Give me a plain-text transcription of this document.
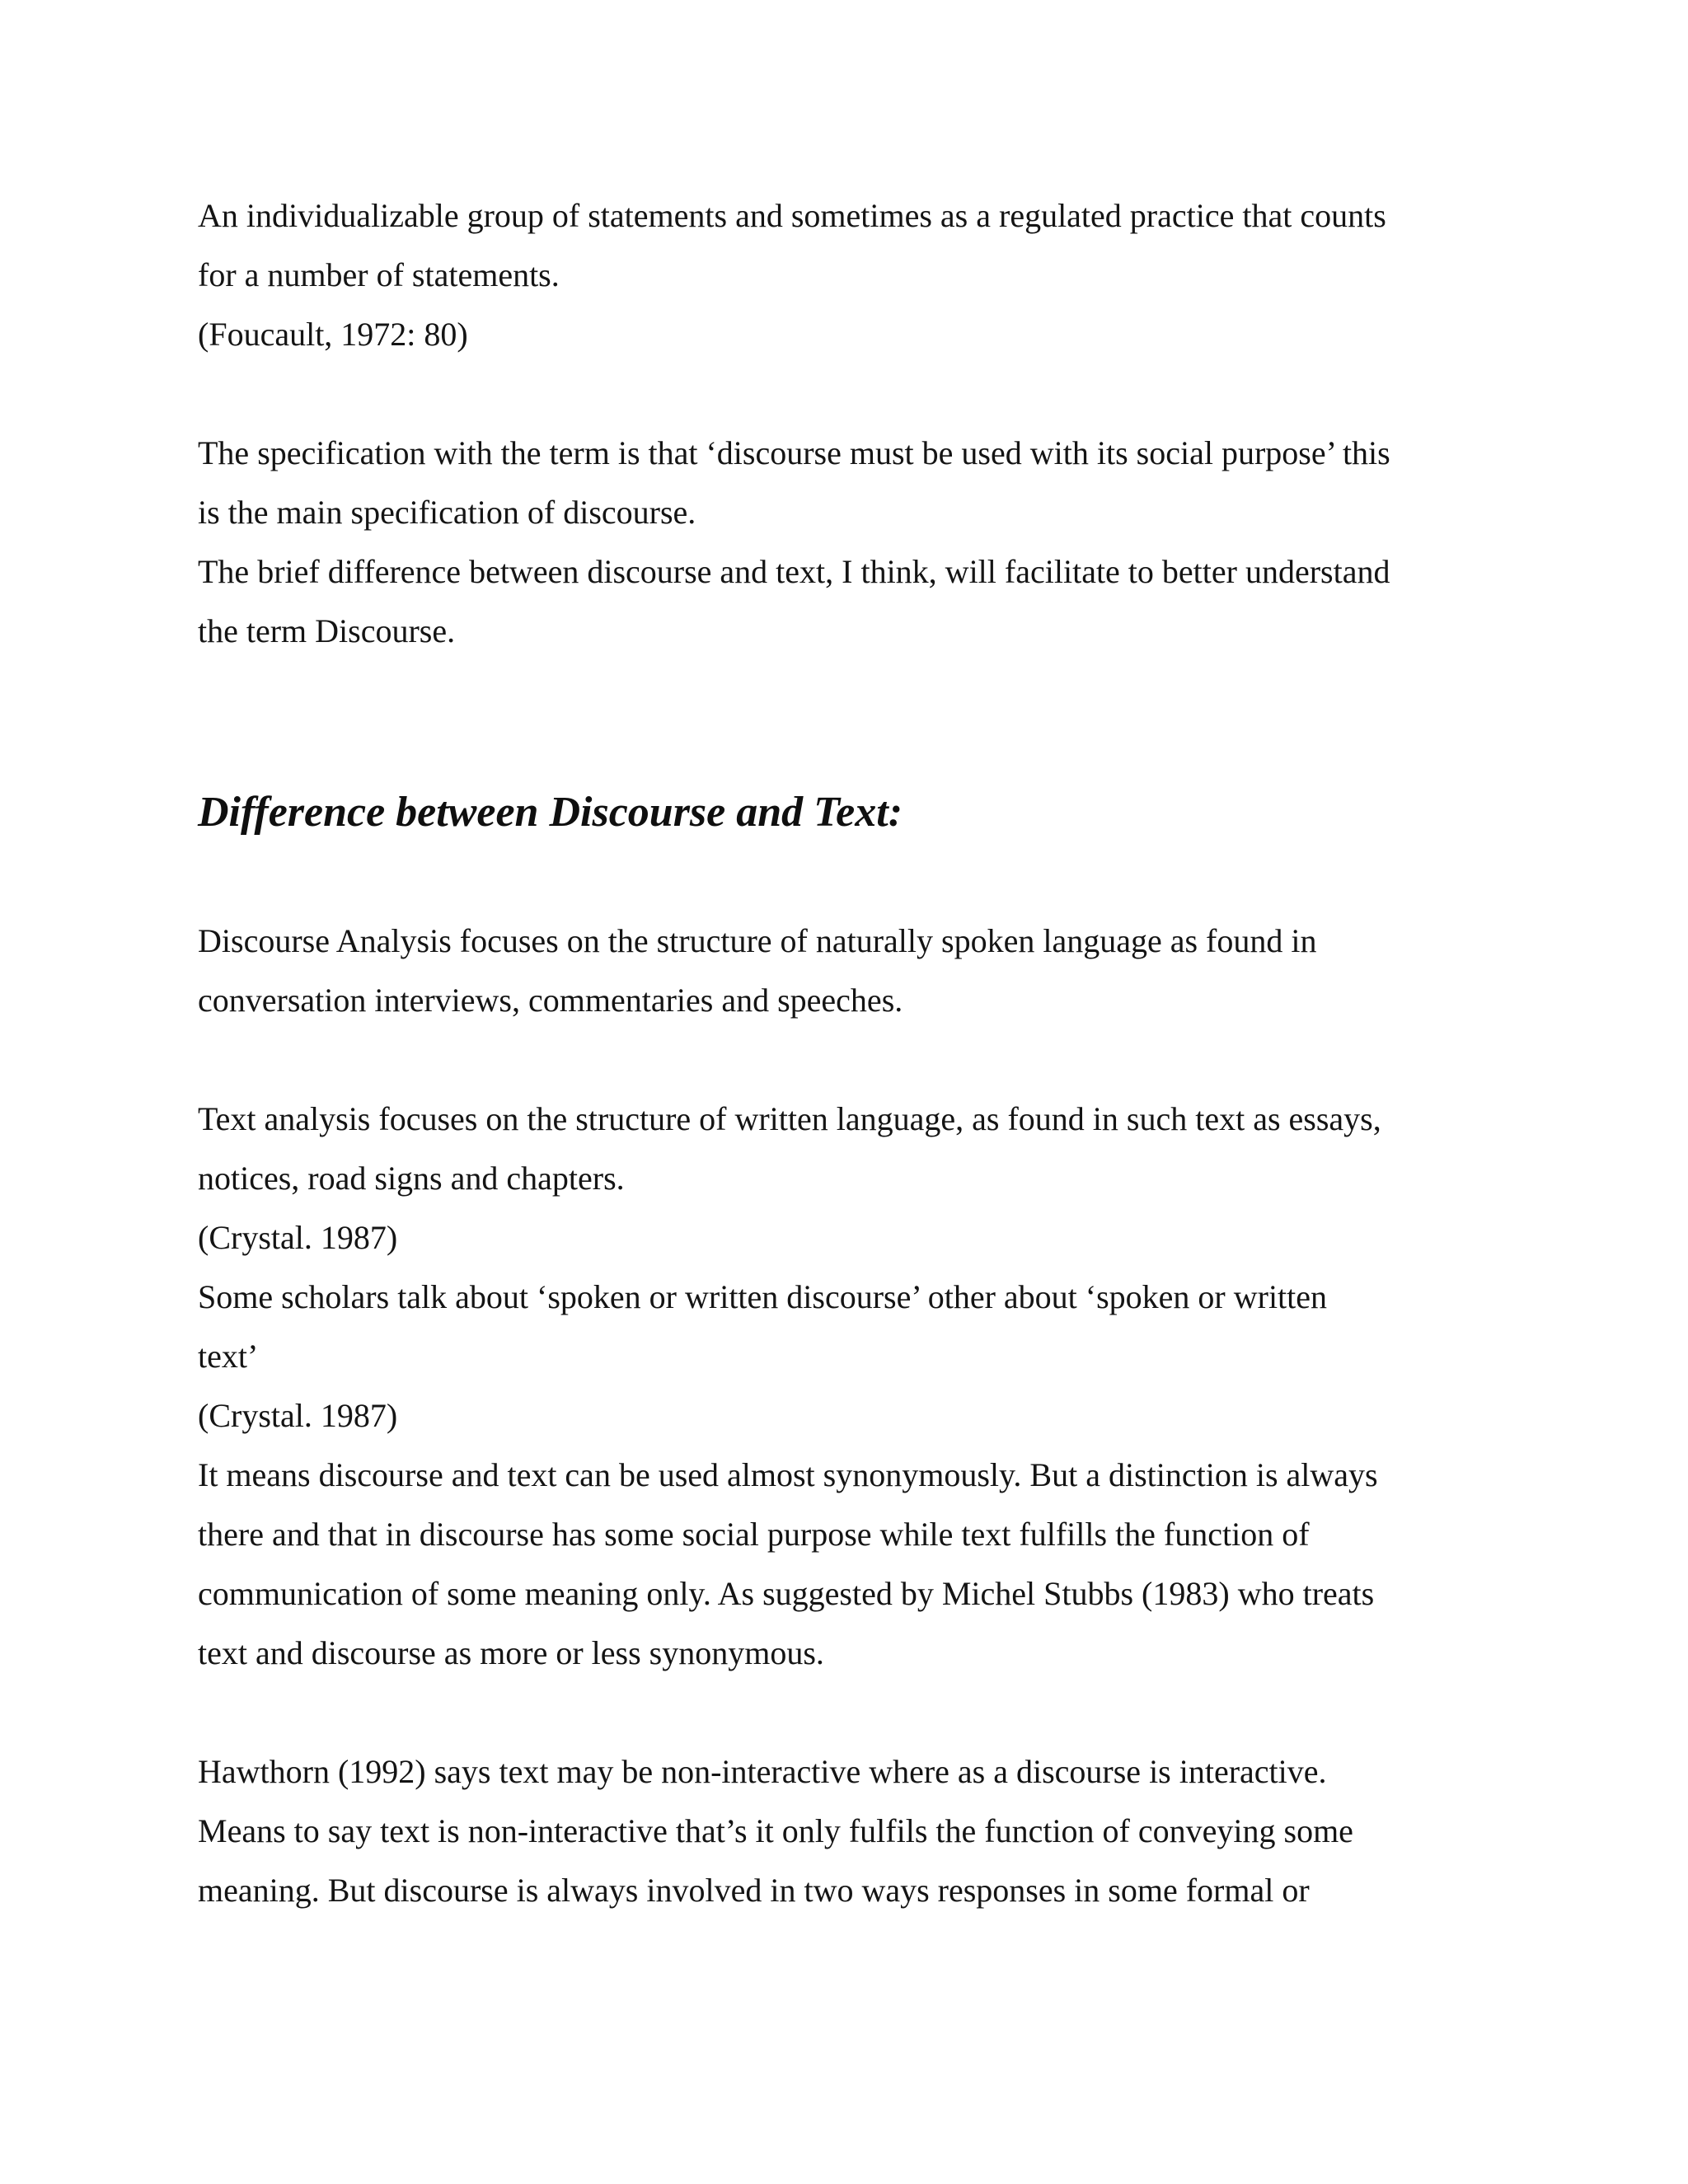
An individualizable group of statements and sometimes as a regulated practice that counts

for a number of statements.

(Foucault, 1972: 80)

The specification with the term is that ‘discourse must be used with its social purpose’ this

is the main specification of discourse.

The brief difference between discourse and text, I think, will facilitate to better understand

the term Discourse.

Difference between Discourse and Text:

Discourse Analysis focuses on the structure of naturally spoken language as found in

conversation interviews, commentaries and speeches.

Text analysis focuses on the structure of written language, as found in such text as essays,

notices, road signs and chapters.

(Crystal. 1987)

Some scholars talk about ‘spoken or written discourse’ other about ‘spoken or written

text’

(Crystal. 1987)

It means discourse and text can be used almost synonymously. But a distinction is always

there and that in discourse has some social purpose while text fulfills the function of

communication of some meaning only. As suggested by Michel Stubbs (1983) who treats

text and discourse as more or less synonymous.

Hawthorn (1992) says text may be non-interactive where as a discourse is interactive.

Means to say text is non-interactive that’s it only fulfils the function of conveying some

meaning. But discourse is always involved in two ways responses in some formal or
